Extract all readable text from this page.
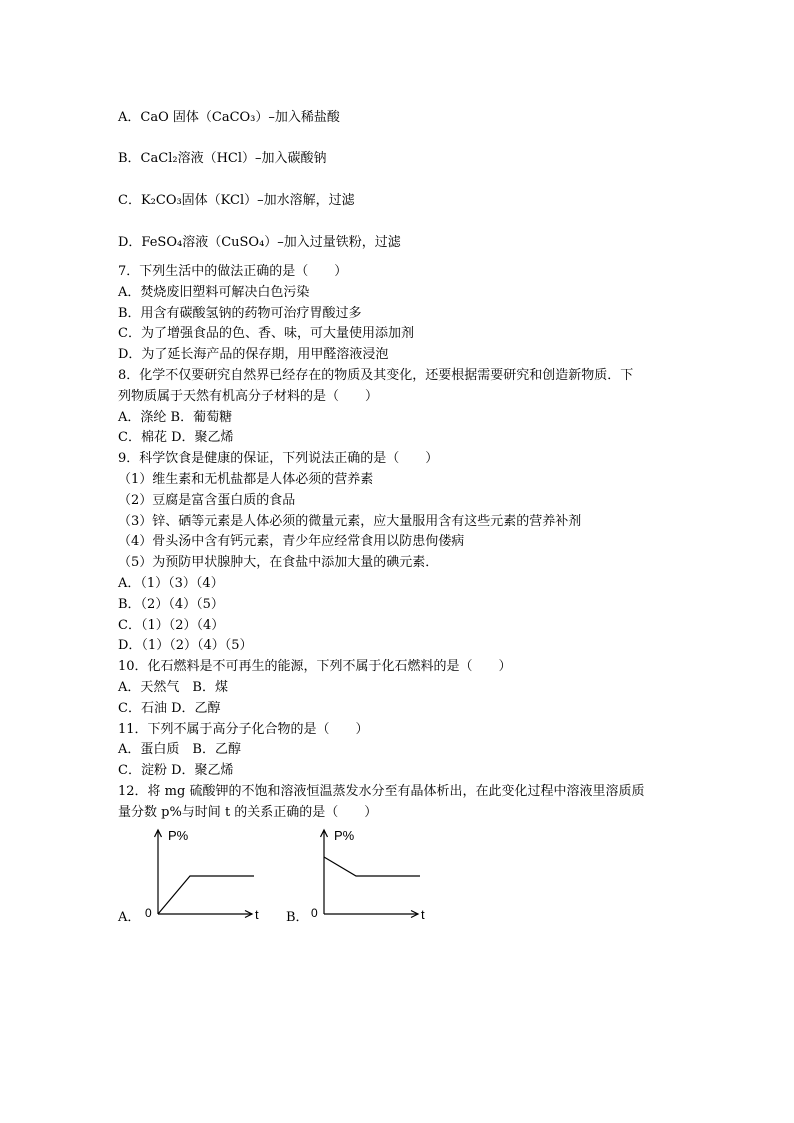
A．CaO 固体（CaCO₃）–加入稀盐酸
B．CaCl₂溶液（HCl）–加入碳酸钠
C．K₂CO₃固体（KCl）–加水溶解，过滤
D．FeSO₄溶液（CuSO₄）–加入过量铁粉，过滤
7．下列生活中的做法正确的是（　　）
A．焚烧废旧塑料可解决白色污染
B．用含有碳酸氢钠的药物可治疗胃酸过多
C．为了增强食品的色、香、味，可大量使用添加剂
D．为了延长海产品的保存期，用甲醛溶液浸泡
8．化学不仅要研究自然界已经存在的物质及其变化，还要根据需要研究和创造新物质．下
列物质属于天然有机高分子材料的是（　　）
A．涤纶 B．葡萄糖
C．棉花 D．聚乙烯
9．科学饮食是健康的保证，下列说法正确的是（　　）
（1）维生素和无机盐都是人体必须的营养素
（2）豆腐是富含蛋白质的食品
（3）锌、硒等元素是人体必须的微量元素，应大量服用含有这些元素的营养补剂
（4）骨头汤中含有钙元素，青少年应经常食用以防患佝偻病
（5）为预防甲状腺肿大，在食盐中添加大量的碘元素．
A．（1）（3）（4）
B．（2）（4）（5）
C．（1）（2）（4）
D．（1）（2）（4）（5）
10．化石燃料是不可再生的能源，下列不属于化石燃料的是（　　）
A．天然气　B．煤
C．石油 D．乙醇
11．下列不属于高分子化合物的是（　　）
A．蛋白质　B．乙醇
C．淀粉 D．聚乙烯
12．将 mg 硫酸钾的不饱和溶液恒温蒸发水分至有晶体析出，在此变化过程中溶液里溶质质
量分数 p%与时间 t 的关系正确的是（　　）
A．	B．
P%
t
0
P%
t
0
